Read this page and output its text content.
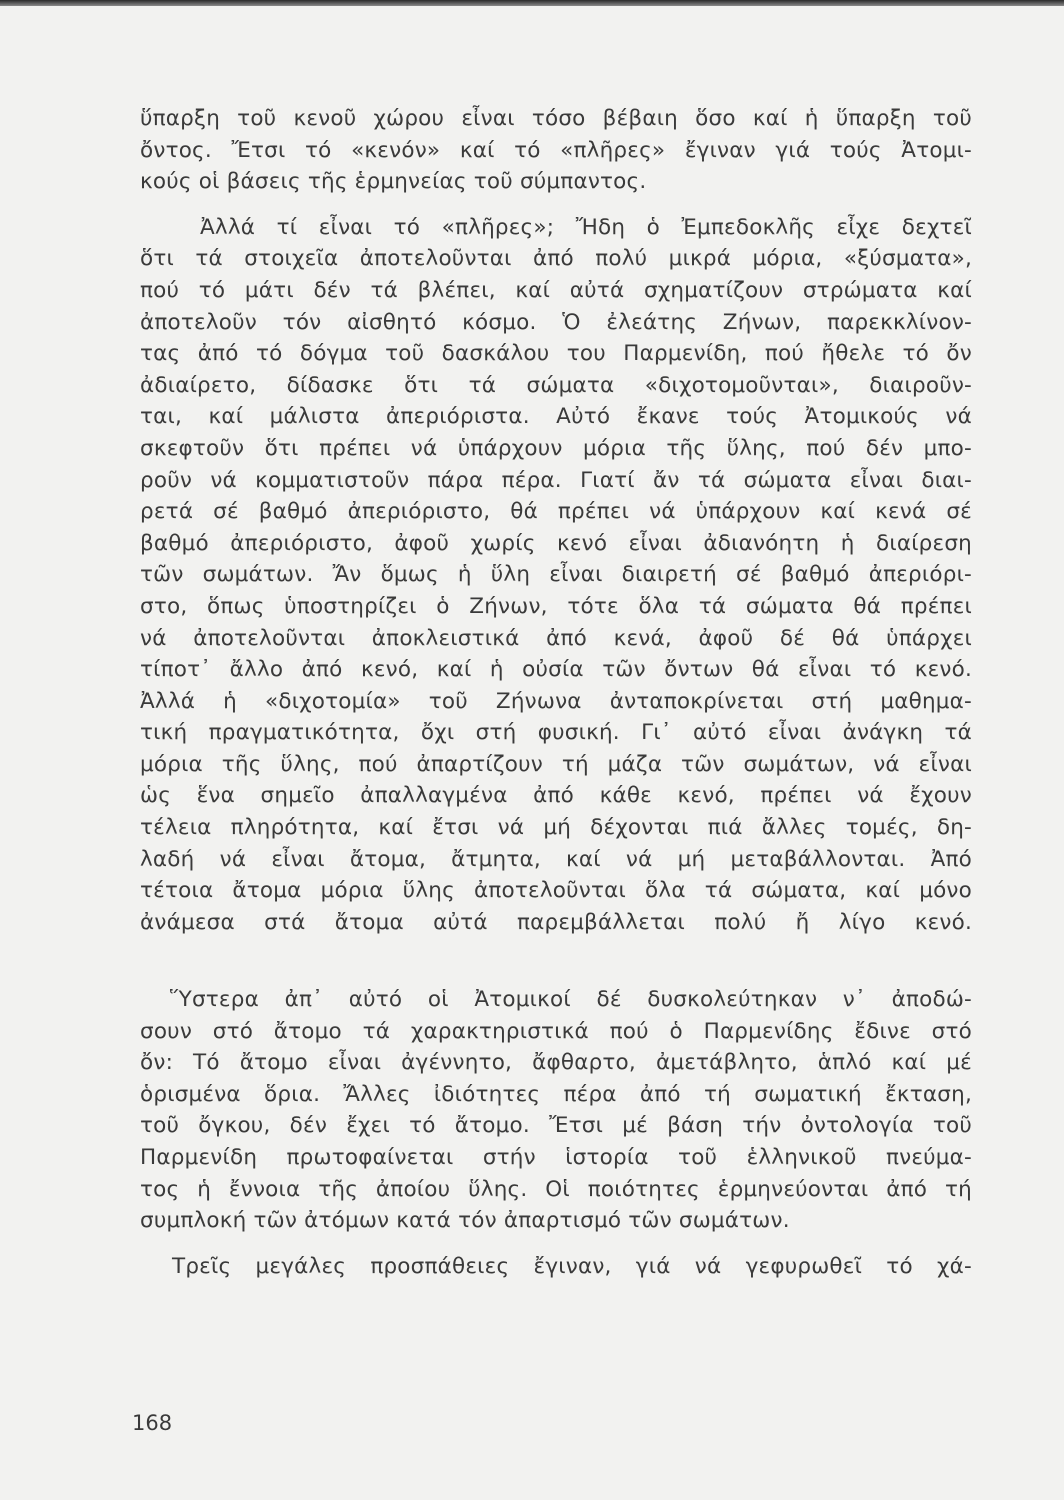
ὕπαρξη τοῦ κενοῦ χώρου εἶναι τόσο βέβαιη ὅσο καί ἡ ὕπαρξη τοῦ
ὄντος. Ἔτσι τό «κενόν» καί τό «πλῆρες» ἔγιναν γιά τούς Ἀτομι-
κούς οἱ βάσεις τῆς ἑρμηνείας τοῦ σύμπαντος.
Ἀλλά τί εἶναι τό «πλῆρες»; Ἤδη ὁ Ἐμπεδοκλῆς εἶχε δεχτεῖ
ὅτι τά στοιχεῖα ἀποτελοῦνται ἀπό πολύ μικρά μόρια, «ξύσματα»,
πού τό μάτι δέν τά βλέπει, καί αὐτά σχηματίζουν στρώματα καί
ἀποτελοῦν τόν αἰσθητό κόσμο. Ὁ ἐλεάτης Ζήνων, παρεκκλίνον-
τας ἀπό τό δόγμα τοῦ δασκάλου του Παρμενίδη, πού ἤθελε τό ὄν
ἀδιαίρετο, δίδασκε ὅτι τά σώματα «διχοτομοῦνται», διαιροῦν-
ται, καί μάλιστα ἀπεριόριστα. Αὐτό ἔκανε τούς Ἀτομικούς νά
σκεφτοῦν ὅτι πρέπει νά ὑπάρχουν μόρια τῆς ὕλης, πού δέν μπο-
ροῦν νά κομματιστοῦν πάρα πέρα. Γιατί ἄν τά σώματα εἶναι διαι-
ρετά σέ βαθμό ἀπεριόριστο, θά πρέπει νά ὑπάρχουν καί κενά σέ
βαθμό ἀπεριόριστο, ἀφοῦ χωρίς κενό εἶναι ἀδιανόητη ἡ διαίρεση
τῶν σωμάτων. Ἄν ὅμως ἡ ὕλη εἶναι διαιρετή σέ βαθμό ἀπεριόρι-
στο, ὅπως ὑποστηρίζει ὁ Ζήνων, τότε ὅλα τά σώματα θά πρέπει
νά ἀποτελοῦνται ἀποκλειστικά ἀπό κενά, ἀφοῦ δέ θά ὑπάρχει
τίποτ᾽ ἄλλο ἀπό κενό, καί ἡ οὐσία τῶν ὄντων θά εἶναι τό κενό.
Ἀλλά ἡ «διχοτομία» τοῦ Ζήνωνα ἀνταποκρίνεται στή μαθημα-
τική πραγματικότητα, ὄχι στή φυσική. Γι᾽ αὐτό εἶναι ἀνάγκη τά
μόρια τῆς ὕλης, πού ἀπαρτίζουν τή μάζα τῶν σωμάτων, νά εἶναι
ὡς ἕνα σημεῖο ἀπαλλαγμένα ἀπό κάθε κενό, πρέπει νά ἔχουν
τέλεια πληρότητα, καί ἔτσι νά μή δέχονται πιά ἄλλες τομές, δη-
λαδή νά εἶναι ἄτομα, ἄτμητα, καί νά μή μεταβάλλονται. Ἀπό
τέτοια ἄτομα μόρια ὕλης ἀποτελοῦνται ὅλα τά σώματα, καί μόνο
ἀνάμεσα στά ἄτομα αὐτά παρεμβάλλεται πολύ ἤ λίγο κενό.
Ὕστερα ἀπ᾽ αὐτό οἱ Ἀτομικοί δέ δυσκολεύτηκαν ν᾽ ἀποδώ-
σουν στό ἄτομο τά χαρακτηριστικά πού ὁ Παρμενίδης ἔδινε στό
ὄν: Τό ἄτομο εἶναι ἀγέννητο, ἄφθαρτο, ἀμετάβλητο, ἁπλό καί μέ
ὁρισμένα ὅρια. Ἄλλες ἰδιότητες πέρα ἀπό τή σωματική ἔκταση,
τοῦ ὄγκου, δέν ἔχει τό ἄτομο. Ἔτσι μέ βάση τήν ὀντολογία τοῦ
Παρμενίδη πρωτοφαίνεται στήν ἱστορία τοῦ ἑλληνικοῦ πνεύμα-
τος ἡ ἔννοια τῆς ἀποίου ὕλης. Οἱ ποιότητες ἑρμηνεύονται ἀπό τή
συμπλοκή τῶν ἀτόμων κατά τόν ἀπαρτισμό τῶν σωμάτων.
Τρεῖς μεγάλες προσπάθειες ἔγιναν, γιά νά γεφυρωθεῖ τό χά-
168
